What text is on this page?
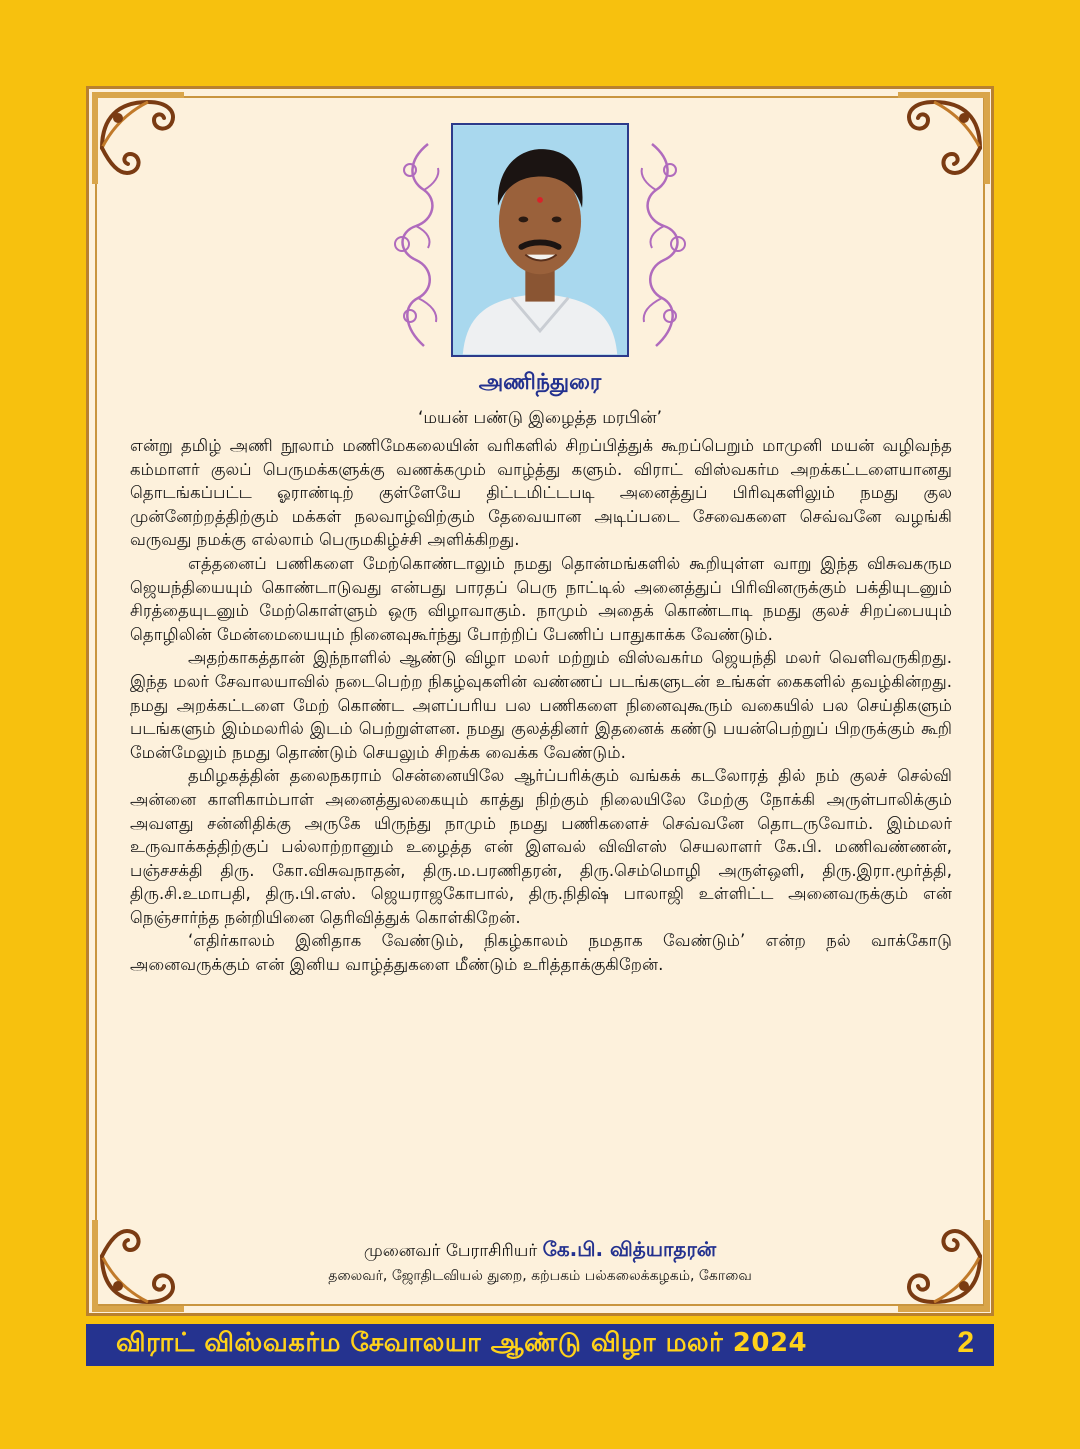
அணிந்துரை
‘மயன் பண்டு இழைத்த மரபின்’

என்று தமிழ் அணி நூலாம் மணிமேகலையின் வரிகளில் சிறப்பித்துக் கூறப்பெறும் மாமுனி மயன் வழிவந்த கம்மாளர் குலப் பெருமக்களுக்கு வணக்கமும் வாழ்த்து களும். விராட் விஸ்வகர்ம அறக்கட்டளையானது தொடங்கப்பட்ட ஓராண்டிற் குள்ளேயே திட்டமிட்டபடி அனைத்துப் பிரிவுகளிலும் நமது குல முன்னேற்றத்திற்கும் மக்கள் நலவாழ்விற்கும் தேவையான அடிப்படை சேவைகளை செவ்வனே வழங்கி வருவது நமக்கு எல்லாம் பெருமகிழ்ச்சி அளிக்கிறது.

எத்தனைப் பணிகளை மேற்கொண்டாலும் நமது தொன்மங்களில் கூறியுள்ள வாறு இந்த விசுவகரும ஜெயந்தியையும் கொண்டாடுவது என்பது பாரதப் பெரு நாட்டில் அனைத்துப் பிரிவினருக்கும் பக்தியுடனும் சிரத்தையுடனும் மேற்கொள்ளும் ஒரு விழாவாகும். நாமும் அதைக் கொண்டாடி நமது குலச் சிறப்பையும் தொழிலின் மேன்மையையும் நினைவுகூர்ந்து போற்றிப் பேணிப் பாதுகாக்க வேண்டும்.

அதற்காகத்தான் இந்நாளில் ஆண்டு விழா மலர் மற்றும் விஸ்வகர்ம ஜெயந்தி மலர் வெளிவருகிறது. இந்த மலர் சேவாலயாவில் நடைபெற்ற நிகழ்வுகளின் வண்ணப் படங்களுடன் உங்கள் கைகளில் தவழ்கின்றது. நமது அறக்கட்டளை மேற் கொண்ட அளப்பரிய பல பணிகளை நினைவுகூரும் வகையில் பல செய்திகளும் படங்களும் இம்மலரில் இடம் பெற்றுள்ளன. நமது குலத்தினர் இதனைக் கண்டு பயன்பெற்றுப் பிறருக்கும் கூறி மேன்மேலும் நமது தொண்டும் செயலும் சிறக்க வைக்க வேண்டும்.

தமிழகத்தின் தலைநகராம் சென்னையிலே ஆர்ப்பரிக்கும் வங்கக் கடலோரத் தில் நம் குலச் செல்வி அன்னை காளிகாம்பாள் அனைத்துலகையும் காத்து நிற்கும் நிலையிலே மேற்கு நோக்கி அருள்பாலிக்கும் அவளது சன்னிதிக்கு அருகே யிருந்து நாமும் நமது பணிகளைச் செவ்வனே தொடருவோம். இம்மலர் உருவாக்கத்திற்குப் பல்லாற்றானும் உழைத்த என் இளவல் விவிஎஸ் செயலாளர் கே.பி. மணிவண்ணன், பஞ்சசக்தி திரு. கோ.விசுவநாதன், திரு.ம.பரணிதரன், திரு.செம்மொழி அருள்ஒளி, திரு.இரா.மூர்த்தி, திரு.சி.உமாபதி, திரு.பி.எஸ். ஜெயராஜகோபால், திரு.நிதிஷ் பாலாஜி உள்ளிட்ட அனைவருக்கும் என் நெஞ்சார்ந்த நன்றியினை தெரிவித்துக் கொள்கிறேன்.

‘எதிர்காலம் இனிதாக வேண்டும், நிகழ்காலம் நமதாக வேண்டும்’ என்ற நல் வாக்கோடு அனைவருக்கும் என் இனிய வாழ்த்துகளை மீண்டும் உரித்தாக்குகிறேன்.

முனைவர் பேராசிரியர் கே.பி. வித்யாதரன்
தலைவர், ஜோதிடவியல் துறை, கற்பகம் பல்கலைக்கழகம், கோவை
விராட் விஸ்வகர்ம சேவாலயா ஆண்டு விழா மலர் 2024	2
